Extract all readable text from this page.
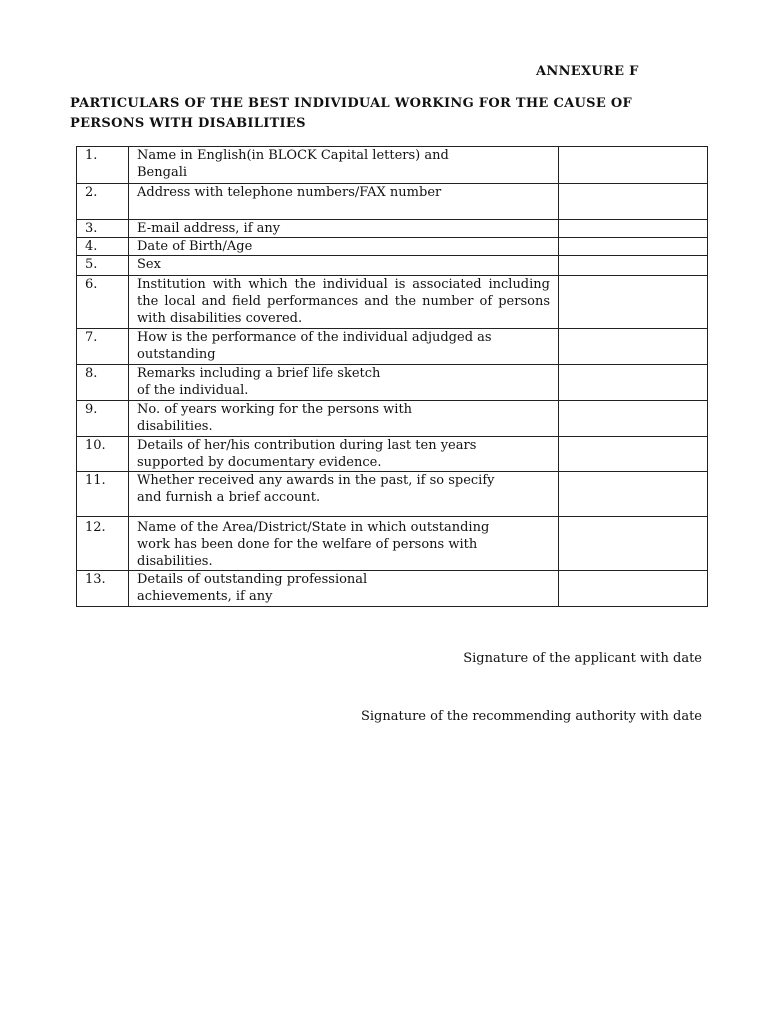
ANNEXURE F
PARTICULARS OF THE BEST INDIVIDUAL WORKING FOR THE CAUSE OF PERSONS WITH DISABILITIES
1.	Name in English(in BLOCK Capital letters) and
Bengali	
2.	Address with telephone numbers/FAX number	
3.	E-mail address, if any	
4.	Date of Birth/Age	
5.	Sex	
6.	Institution with which the individual is associated including the local and field performances and the number of persons with disabilities covered.	
7.	How is the performance of the individual adjudged as
outstanding	
8.	Remarks including a brief life sketch
of the individual.	
9.	No. of years working for the persons with
disabilities.	
10.	Details of her/his contribution during last ten years
supported by documentary evidence.	
11.	Whether received any awards in the past, if so specify
and furnish a brief account.	
12.	Name of the Area/District/State in which outstanding
work has been done for the welfare of persons with
disabilities.	
13.	Details of outstanding professional
achievements, if any	
Signature of the applicant with date
Signature of the recommending authority with date
